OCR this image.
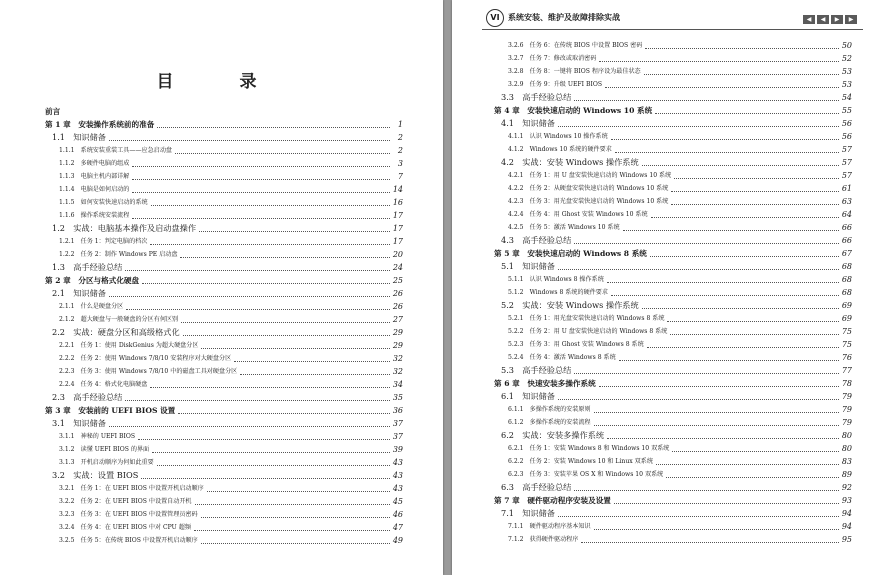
目 录
前言
第 1 章　安装操作系统前的准备	1
1.1　知识储备	2
1.1.1　系统安装重装工具——应急启动盘	2
1.1.2　多硬件电脑的组成	3
1.1.3　电脑主机内部详解	7
1.1.4　电脑是如何启动的	14
1.1.5　如何安装快速启动的系统	16
1.1.6　操作系统安装流程	17
1.2　实战：电脑基本操作及启动盘操作	17
1.2.1　任务 1：判定电脑的档次	17
1.2.2　任务 2：制作 Windows PE 启动盘	20
1.3　高手经验总结	24
第 2 章　分区与格式化硬盘	25
2.1　知识储备	26
2.1.1　什么是硬盘分区	26
2.1.2　超大硬盘与一般硬盘的分区有何区别	27
2.2　实战：硬盘分区和高级格式化	29
2.2.1　任务 1：使用 DiskGenius 为超大硬盘分区	29
2.2.2　任务 2：使用 Windows 7/8/10 安装程序对大硬盘分区	32
2.2.3　任务 3：使用 Windows 7/8/10 中的磁盘工具对硬盘分区	32
2.2.4　任务 4：格式化电脑硬盘	34
2.3　高手经验总结	35
第 3 章　安装前的 UEFI BIOS 设置	36
3.1　知识储备	37
3.1.1　神秘的 UEFI BIOS	37
3.1.2　读懂 UEFI BIOS 的界面	39
3.1.3　开机启动顺序为何如此重要	43
3.2　实战：设置 BIOS	43
3.2.1　任务 1：在 UEFI BIOS 中设置开机启动顺序	43
3.2.2　任务 2：在 UEFI BIOS 中设置自动开机	45
3.2.3　任务 3：在 UEFI BIOS 中设置管理员密码	46
3.2.4　任务 4：在 UEFI BIOS 中对 CPU 超频	47
3.2.5　任务 5：在传统 BIOS 中设置开机启动顺序	49
VI	系统安装、维护及故障排除实战	◀	◀	▶	▶
3.2.6　任务 6：在传统 BIOS 中设置 BIOS 密码	50
3.2.7　任务 7：修改或取消密码	52
3.2.8　任务 8：一键将 BIOS 程序设为最佳状态	53
3.2.9　任务 9：升级 UEFI BIOS	53
3.3　高手经验总结	54
第 4 章　安装快速启动的 Windows 10 系统	55
4.1　知识储备	56
4.1.1　认识 Windows 10 操作系统	56
4.1.2　Windows 10 系统的硬件要求	57
4.2　实战：安装 Windows 操作系统	57
4.2.1　任务 1：用 U 盘安装快速启动的 Windows 10 系统	57
4.2.2　任务 2：从硬盘安装快速启动的 Windows 10 系统	61
4.2.3　任务 3：用光盘安装快速启动的 Windows 10 系统	63
4.2.4　任务 4：用 Ghost 安装 Windows 10 系统	64
4.2.5　任务 5：激活 Windows 10 系统	66
4.3　高手经验总结	66
第 5 章　安装快速启动的 Windows 8 系统	67
5.1　知识储备	68
5.1.1　认识 Windows 8 操作系统	68
5.1.2　Windows 8 系统的硬件要求	68
5.2　实战：安装 Windows 操作系统	69
5.2.1　任务 1：用光盘安装快速启动的 Windows 8 系统	69
5.2.2　任务 2：用 U 盘安装快速启动的 Windows 8 系统	75
5.2.3　任务 3：用 Ghost 安装 Windows 8 系统	75
5.2.4　任务 4：激活 Windows 8 系统	76
5.3　高手经验总结	77
第 6 章　快速安装多操作系统	78
6.1　知识储备	79
6.1.1　多操作系统的安装原则	79
6.1.2　多操作系统的安装流程	79
6.2　实战：安装多操作系统	80
6.2.1　任务 1：安装 Windows 8 和 Windows 10 双系统	80
6.2.2　任务 2：安装 Windows 10 和 Linux 双系统	83
6.2.3　任务 3：安装苹果 OS X 和 Windows 10 双系统	89
6.3　高手经验总结	92
第 7 章　硬件驱动程序安装及设置	93
7.1　知识储备	94
7.1.1　硬件驱动程序基本知识	94
7.1.2　获得硬件驱动程序	95
